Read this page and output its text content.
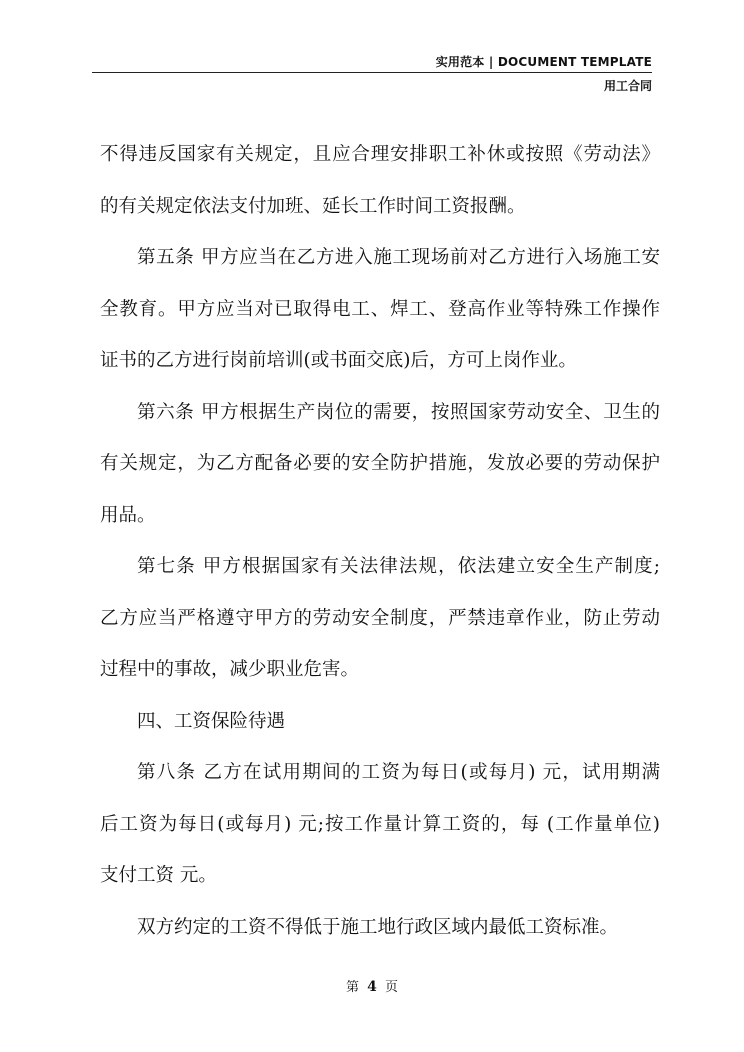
实用范本 | DOCUMENT TEMPLATE
用工合同
不得违反国家有关规定，且应合理安排职工补休或按照《劳动法》
的有关规定依法支付加班、延长工作时间工资报酬。
第五条 甲方应当在乙方进入施工现场前对乙方进行入场施工安
全教育。甲方应当对已取得电工、焊工、登高作业等特殊工作操作
证书的乙方进行岗前培训(或书面交底)后，方可上岗作业。
第六条 甲方根据生产岗位的需要，按照国家劳动安全、卫生的
有关规定，为乙方配备必要的安全防护措施，发放必要的劳动保护
用品。
第七条 甲方根据国家有关法律法规，依法建立安全生产制度;
乙方应当严格遵守甲方的劳动安全制度，严禁违章作业，防止劳动
过程中的事故，减少职业危害。
四、工资保险待遇
第八条 乙方在试用期间的工资为每日(或每月) 元，试用期满
后工资为每日(或每月) 元;按工作量计算工资的，每 (工作量单位)
支付工资 元。
双方约定的工资不得低于施工地行政区域内最低工资标准。
第 4 页
